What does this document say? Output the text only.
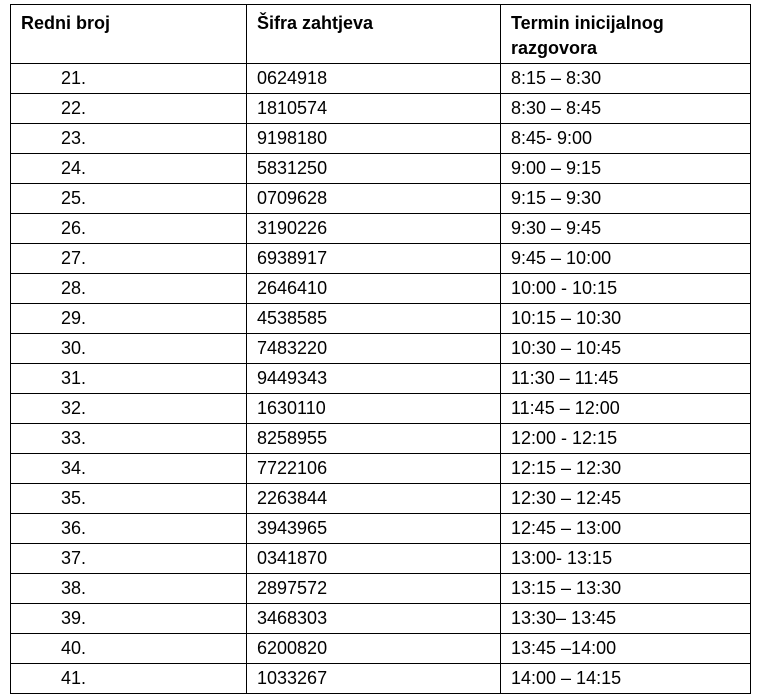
Redni broj	Šifra zahtjeva	Termin inicijalnog razgovora
21.	0624918	8:15 – 8:30
22.	1810574	8:30 – 8:45
23.	9198180	8:45- 9:00
24.	5831250	9:00 – 9:15
25.	0709628	9:15 – 9:30
26.	3190226	9:30 – 9:45
27.	6938917	9:45 – 10:00
28.	2646410	10:00 - 10:15
29.	4538585	10:15 – 10:30
30.	7483220	10:30 – 10:45
31.	9449343	11:30 – 11:45
32.	1630110	11:45 – 12:00
33.	8258955	12:00 - 12:15
34.	7722106	12:15 – 12:30
35.	2263844	12:30 – 12:45
36.	3943965	12:45 – 13:00
37.	0341870	13:00- 13:15
38.	2897572	13:15 – 13:30
39.	3468303	13:30– 13:45
40.	6200820	13:45 –14:00
41.	1033267	14:00 – 14:15
